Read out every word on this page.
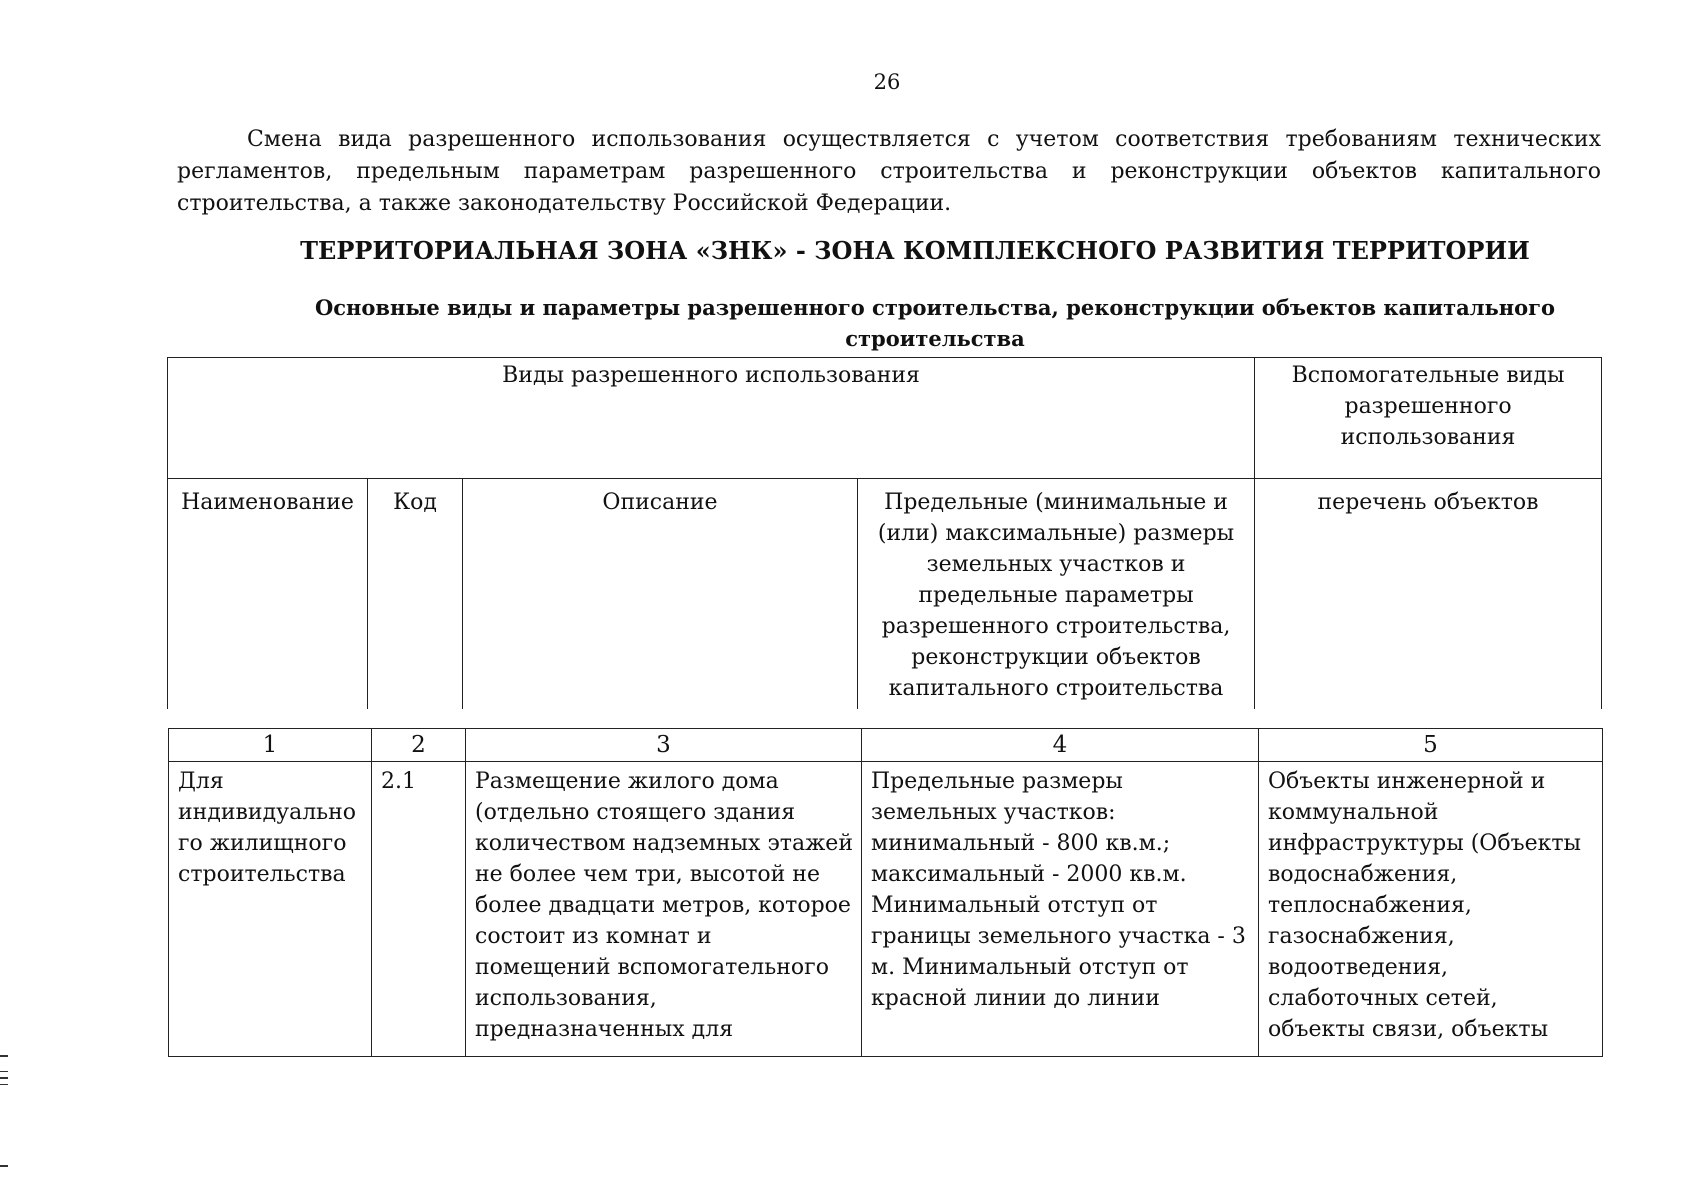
26

Смена вида разрешенного использования осуществляется с учетом соответствия требованиям технических регламентов, предельным параметрам разрешенного строительства и реконструкции объектов капитального строительства, а также законодательству Российской Федерации.

ТЕРРИТОРИАЛЬНАЯ ЗОНА «ЗНК» - ЗОНА КОМПЛЕКСНОГО РАЗВИТИЯ ТЕРРИТОРИИ
Основные виды и параметры разрешенного строительства, реконструкции объектов капитального строительства
Виды разрешенного использования				Вспомогательные виды разрешенного использования
Наименование	Код	Описание	Предельные (минимальные и (или) максимальные) размеры земельных участков и предельные параметры разрешенного строительства, реконструкции объектов капитального строительства	перечень объектов
1	2	3	4	5
Для индивидуально го жилищного строительства	2.1	Размещение жилого дома (отдельно стоящего здания количеством надземных этажей не более чем три, высотой не более двадцати метров, которое состоит из комнат и помещений вспомогательного использования, предназначенных для	Предельные размеры земельных участков: минимальный - 800 кв.м.; максимальный - 2000 кв.м. Минимальный отступ от границы земельного участка - 3 м. Минимальный отступ от красной линии до линии	Объекты инженерной и коммунальной инфраструктуры (Объекты водоснабжения, теплоснабжения, газоснабжения, водоотведения, слаботочных сетей, объекты связи, объекты
